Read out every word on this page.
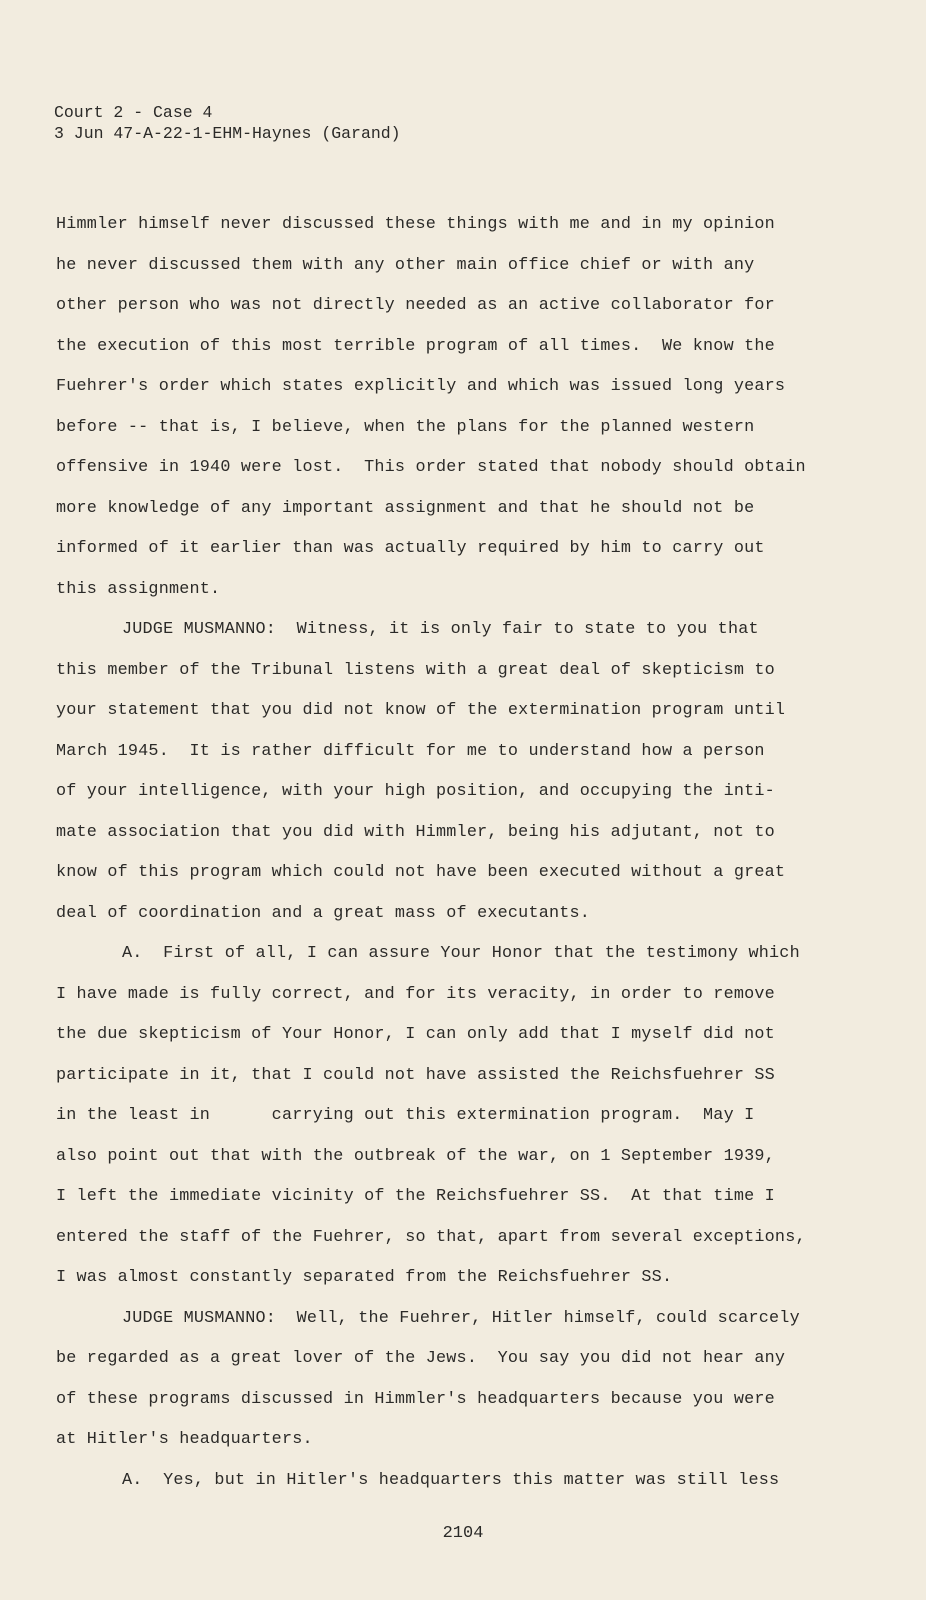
Court 2 - Case 4
3 Jun 47-A-22-1-EHM-Haynes (Garand)
Himmler himself never discussed these things with me and in my opinion
he never discussed them with any other main office chief or with any
other person who was not directly needed as an active collaborator for
the execution of this most terrible program of all times.  We know the
Fuehrer's order which states explicitly and which was issued long years
before -- that is, I believe, when the plans for the planned western
offensive in 1940 were lost.  This order stated that nobody should obtain
more knowledge of any important assignment and that he should not be
informed of it earlier than was actually required by him to carry out
this assignment.
JUDGE MUSMANNO:  Witness, it is only fair to state to you that
this member of the Tribunal listens with a great deal of skepticism to
your statement that you did not know of the extermination program until
March 1945.  It is rather difficult for me to understand how a person
of your intelligence, with your high position, and occupying the inti-
mate association that you did with Himmler, being his adjutant, not to
know of this program which could not have been executed without a great
deal of coordination and a great mass of executants.
A.  First of all, I can assure Your Honor that the testimony which
I have made is fully correct, and for its veracity, in order to remove
the due skepticism of Your Honor, I can only add that I myself did not
participate in it, that I could not have assisted the Reichsfuehrer SS
in the least in      carrying out this extermination program.  May I
also point out that with the outbreak of the war, on 1 September 1939,
I left the immediate vicinity of the Reichsfuehrer SS.  At that time I
entered the staff of the Fuehrer, so that, apart from several exceptions,
I was almost constantly separated from the Reichsfuehrer SS.
JUDGE MUSMANNO:  Well, the Fuehrer, Hitler himself, could scarcely
be regarded as a great lover of the Jews.  You say you did not hear any
of these programs discussed in Himmler's headquarters because you were
at Hitler's headquarters.
A.  Yes, but in Hitler's headquarters this matter was still less
2104
